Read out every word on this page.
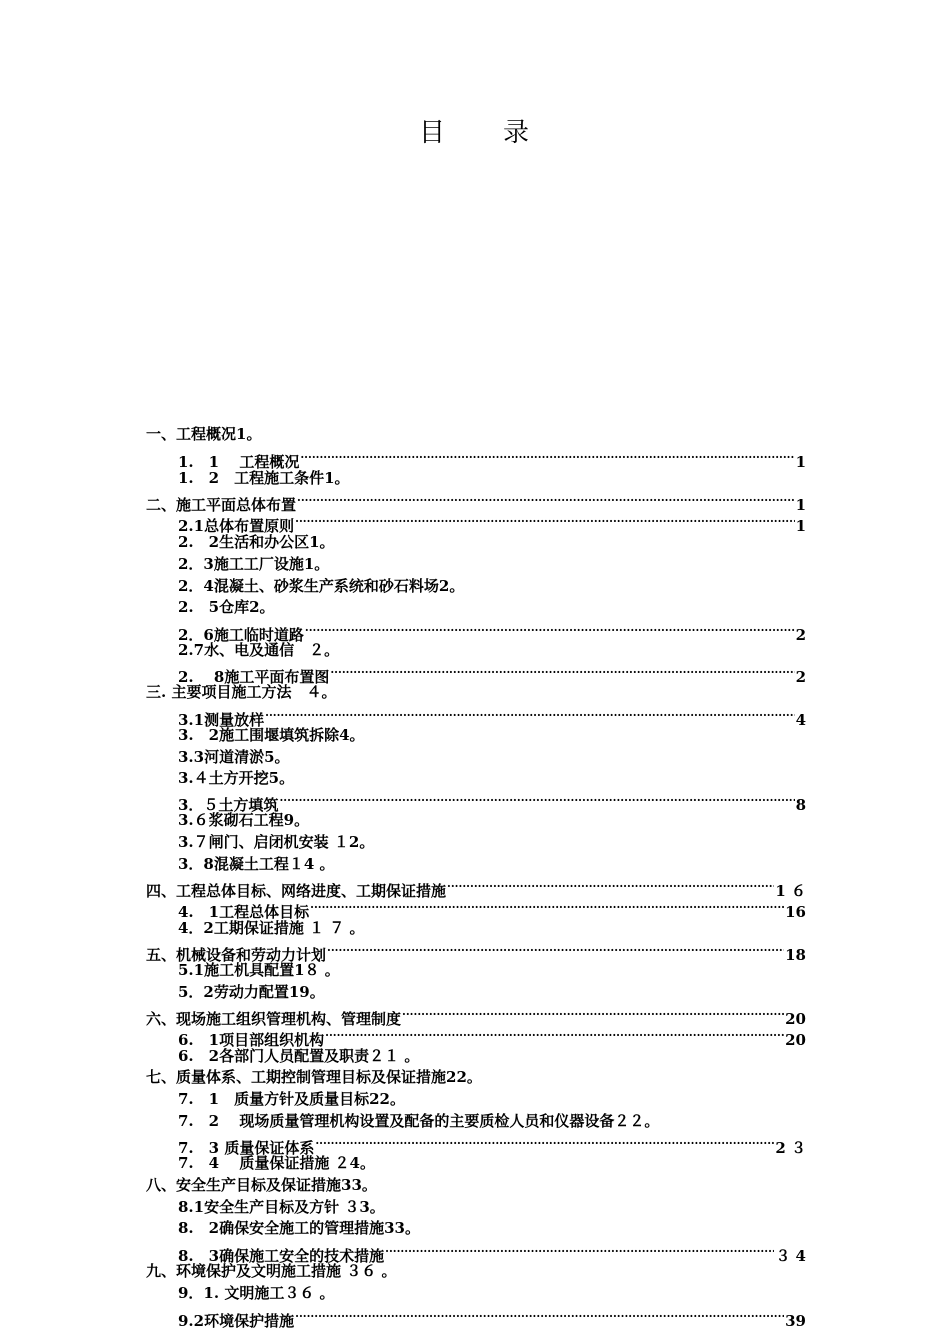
目　　录
一、工程概况1。
1.　1　 工程概况 .....	1
1.　2　工程施工条件1。
二、施工平面总体布置 .....	1
2.1总体布置原则 .....	1
2.　2生活和办公区1。
2．3施工工厂设施1。
2．4混凝土、砂浆生产系统和砂石料场2。
2.　5仓库2。
2．6施工临时道路 .....	2
2.7水、电及通信　２。
2.　 8施工平面布置图 .....	2
三. 主要项目施工方法　４。
3.1测量放样 .....	4
3.　2施工围堰填筑拆除4。
3.3河道清淤5。
3.４土方开挖5。
3．５土方填筑 .....	8
3.６浆砌石工程9。
3.７闸门、启闭机安装 １2。
3．8混凝土工程１4 。
四、工程总体目标、网络进度、工期保证措施 .....	1 ６
4.　1工程总体目标 .....	16
4．2工期保证措施 １ ７ 。
五、机械设备和劳动力计划 .....	18
5.1施工机具配置1８ 。
5．2劳动力配置19。
六、现场施工组织管理机构、管理制度 .....	20
6.　1项目部组织机构 .....	20
6.　2各部门人员配置及职责２１ 。
七、质量体系、工期控制管理目标及保证措施22。
7.　1　质量方针及质量目标22。
7.　2　 现场质量管理机构设置及配备的主要质检人员和仪器设备２２。
7.　3 质量保证体系 .....	2 ３
7.　4　 质量保证措施 ２4。
八、安全生产目标及保证措施33。
8.1安全生产目标及方针 ３3。
8.　2确保安全施工的管理措施33。
8.　3确保施工安全的技术措施 .....	３ 4
九、环境保护及文明施工措施 ３６ 。
9．1. 文明施工３６ 。
9.2环境保护措施 .....	39
